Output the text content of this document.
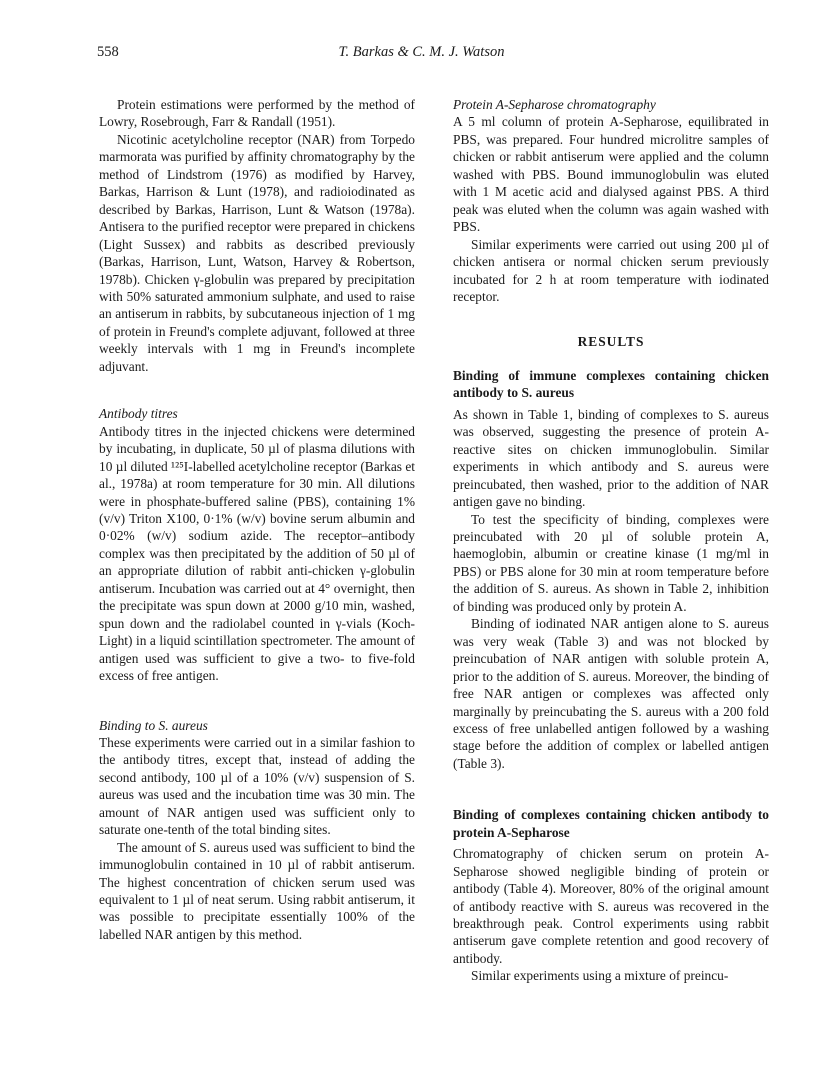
558	T. Barkas & C. M. J. Watson

Protein estimations were performed by the method of Lowry, Rosebrough, Farr & Randall (1951).

Nicotinic acetylcholine receptor (NAR) from Torpedo marmorata was purified by affinity chromatography by the method of Lindstrom (1976) as modified by Harvey, Barkas, Harrison & Lunt (1978), and radioiodinated as described by Barkas, Harrison, Lunt & Watson (1978a). Antisera to the purified receptor were prepared in chickens (Light Sussex) and rabbits as described previously (Barkas, Harrison, Lunt, Watson, Harvey & Robertson, 1978b). Chicken γ-globulin was prepared by precipitation with 50% saturated ammonium sulphate, and used to raise an antiserum in rabbits, by subcutaneous injection of 1 mg of protein in Freund's complete adjuvant, followed at three weekly intervals with 1 mg in Freund's incomplete adjuvant.

Antibody titres

Antibody titres in the injected chickens were determined by incubating, in duplicate, 50 µl of plasma dilutions with 10 µl diluted ¹²⁵I-labelled acetylcholine receptor (Barkas et al., 1978a) at room temperature for 30 min. All dilutions were in phosphate-buffered saline (PBS), containing 1% (v/v) Triton X100, 0·1% (w/v) bovine serum albumin and 0·02% (w/v) sodium azide. The receptor–antibody complex was then precipitated by the addition of 50 µl of an appropriate dilution of rabbit anti-chicken γ-globulin antiserum. Incubation was carried out at 4° overnight, then the precipitate was spun down at 2000 g/10 min, washed, spun down and the radiolabel counted in γ-vials (Koch-Light) in a liquid scintillation spectrometer. The amount of antigen used was sufficient to give a two- to five-fold excess of free antigen.

Binding to S. aureus

These experiments were carried out in a similar fashion to the antibody titres, except that, instead of adding the second antibody, 100 µl of a 10% (v/v) suspension of S. aureus was used and the incubation time was 30 min. The amount of NAR antigen used was sufficient only to saturate one-tenth of the total binding sites.

The amount of S. aureus used was sufficient to bind the immunoglobulin contained in 10 µl of rabbit antiserum. The highest concentration of chicken serum used was equivalent to 1 µl of neat serum. Using rabbit antiserum, it was possible to precipitate essentially 100% of the labelled NAR antigen by this method.

Protein A-Sepharose chromatography

A 5 ml column of protein A-Sepharose, equilibrated in PBS, was prepared. Four hundred microlitre samples of chicken or rabbit antiserum were applied and the column washed with PBS. Bound immunoglobulin was eluted with 1 M acetic acid and dialysed against PBS. A third peak was eluted when the column was again washed with PBS.

Similar experiments were carried out using 200 µl of chicken antisera or normal chicken serum previously incubated for 2 h at room temperature with iodinated receptor.

RESULTS

Binding of immune complexes containing chicken antibody to S. aureus

As shown in Table 1, binding of complexes to S. aureus was observed, suggesting the presence of protein A-reactive sites on chicken immunoglobulin. Similar experiments in which antibody and S. aureus were preincubated, then washed, prior to the addition of NAR antigen gave no binding.

To test the specificity of binding, complexes were preincubated with 20 µl of soluble protein A, haemoglobin, albumin or creatine kinase (1 mg/ml in PBS) or PBS alone for 30 min at room temperature before the addition of S. aureus. As shown in Table 2, inhibition of binding was produced only by protein A.

Binding of iodinated NAR antigen alone to S. aureus was very weak (Table 3) and was not blocked by preincubation of NAR antigen with soluble protein A, prior to the addition of S. aureus. Moreover, the binding of free NAR antigen or complexes was affected only marginally by preincubating the S. aureus with a 200 fold excess of free unlabelled antigen followed by a washing stage before the addition of complex or labelled antigen (Table 3).

Binding of complexes containing chicken antibody to protein A-Sepharose

Chromatography of chicken serum on protein A-Sepharose showed negligible binding of protein or antibody (Table 4). Moreover, 80% of the original amount of antibody reactive with S. aureus was recovered in the breakthrough peak. Control experiments using rabbit antiserum gave complete retention and good recovery of antibody.

Similar experiments using a mixture of preincu-
